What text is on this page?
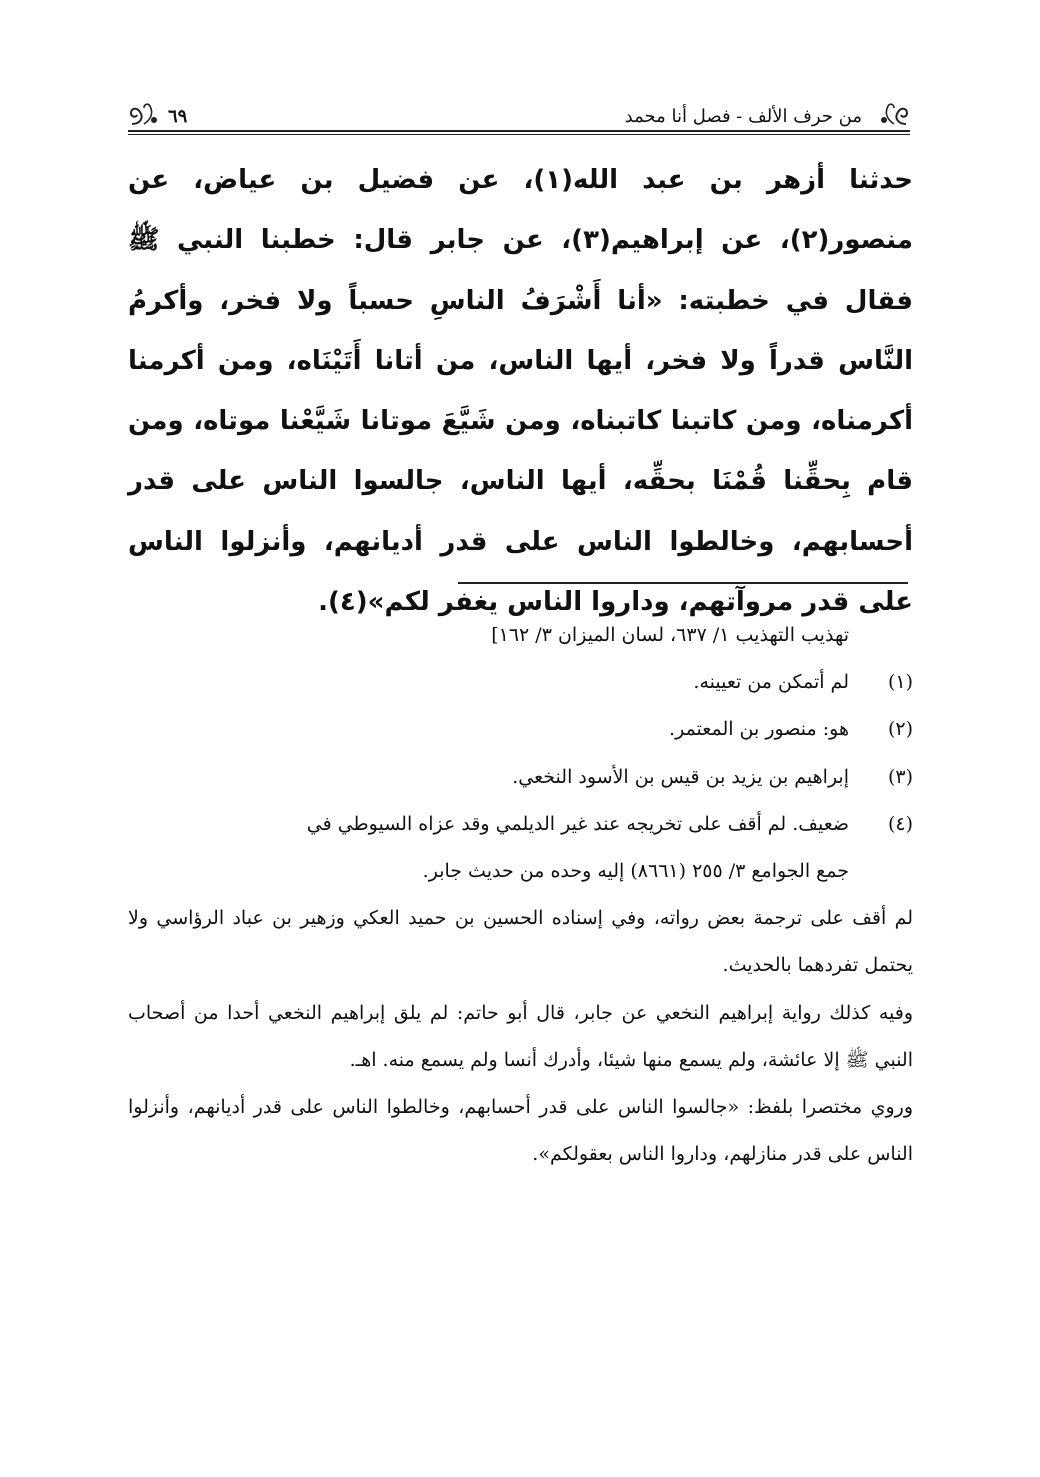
من حرف الألف - فصل أنا محمد
٦٩

حدثنا أزهر بن عبد الله(١)، عن فضيل بن عياض، عن منصور(٢)، عن إبراهيم(٣)، عن جابر قال: خطبنا النبي ﷺ فقال في خطبته: «أنا أَشْرَفُ الناسِ حسباً ولا فخر، وأكرمُ النَّاس قدراً ولا فخر، أيها الناس، من أتانا أَتَيْنَاه، ومن أكرمنا أكرمناه، ومن كاتبنا كاتبناه، ومن شَيَّعَ موتانا شَيَّعْنا موتاه، ومن قام بِحقِّنا قُمْنَا بحقِّه، أيها الناس، جالسوا الناس على قدر أحسابهم، وخالطوا الناس على قدر أديانهم، وأنزلوا الناس على قدر مروآتهم، وداروا الناس يغفر لكم»(٤).

تهذيب التهذيب ١/ ٦٣٧، لسان الميزان ٣/ ١٦٢]

(١)
لم أتمكن من تعيينه.
(٢)
هو: منصور بن المعتمر.
(٣)
إبراهيم بن يزيد بن قيس بن الأسود النخعي.
(٤)
ضعيف. لم أقف على تخريجه عند غير الديلمي وقد عزاه السيوطي في

جمع الجوامع ٣/ ٢٥٥ (٨٦٦١) إليه وحده من حديث جابر.

لم أقف على ترجمة بعض رواته، وفي إسناده الحسين بن حميد العكي وزهير بن عباد الرؤاسي ولا يحتمل تفردهما بالحديث.

وفيه كذلك رواية إبراهيم النخعي عن جابر، قال أبو حاتم: لم يلق إبراهيم النخعي أحدا من أصحاب النبي ﷺ إلا عائشة، ولم يسمع منها شيئا، وأدرك أنسا ولم يسمع منه. اهـ.

وروي مختصرا بلفظ: «جالسوا الناس على قدر أحسابهم، وخالطوا الناس على قدر أديانهم، وأنزلوا الناس على قدر منازلهم، وداروا الناس بعقولكم».
